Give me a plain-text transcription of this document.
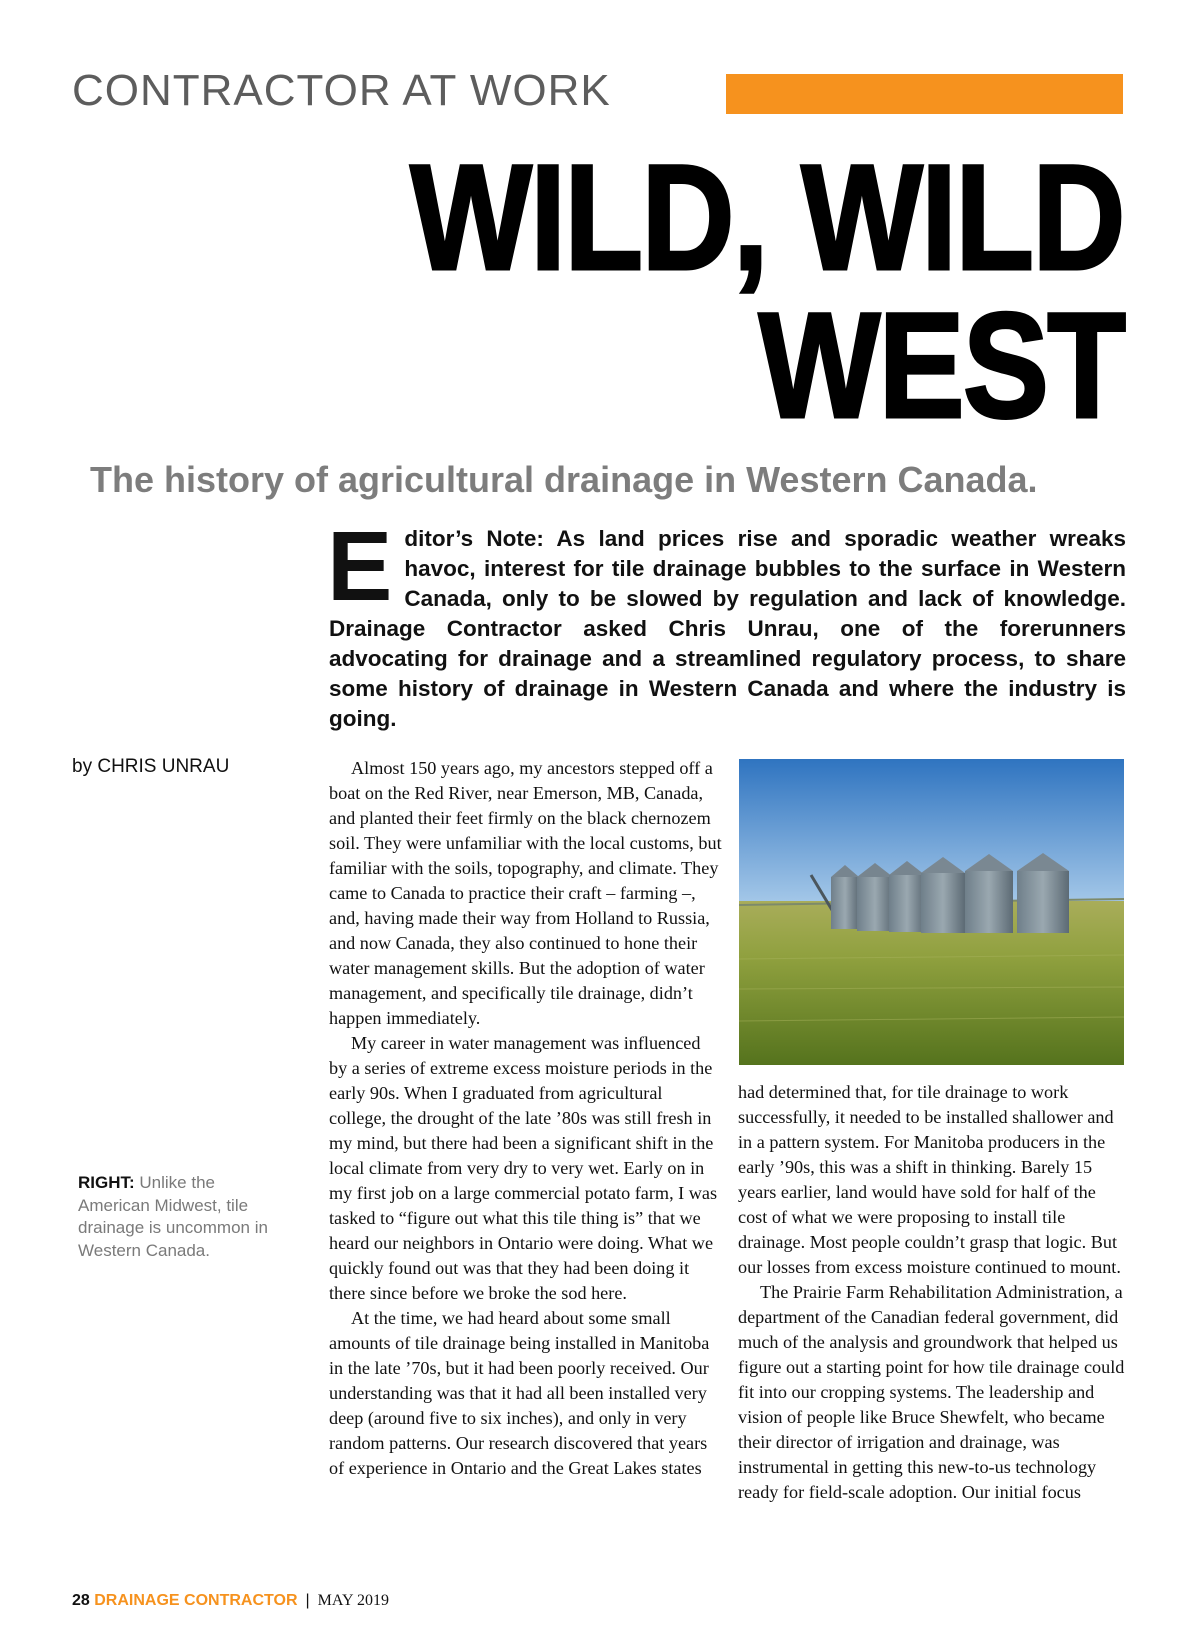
CONTRACTOR AT WORK
WILD, WILD
WEST
The history of agricultural drainage in Western Canada.
Editor’s Note: As land prices rise and sporadic weather wreaks havoc, interest for tile drainage bubbles to the surface in Western Canada, only to be slowed by regulation and lack of knowledge. Drainage Contractor asked Chris Unrau, one of the forerunners advocating for drainage and a streamlined regulatory process, to share some history of drainage in Western Canada and where the industry is going.
by CHRIS UNRAU
RIGHT: Unlike the American Midwest, tile drainage is uncommon in Western Canada.

Almost 150 years ago, my ancestors stepped off a boat on the Red River, near Emerson, MB, Canada, and planted their feet firmly on the black chernozem soil. They were unfamiliar with the local customs, but familiar with the soils, topography, and climate. They came to Canada to practice their craft – farming –, and, having made their way from Holland to Russia, and now Canada, they also continued to hone their water management skills. But the adoption of water management, and specifically tile drainage, didn’t happen immediately.

My career in water management was influenced by a series of extreme excess moisture periods in the early 90s. When I graduated from agricultural college, the drought of the late ’80s was still fresh in my mind, but there had been a significant shift in the local climate from very dry to very wet. Early on in my first job on a large commercial potato farm, I was tasked to “figure out what this tile thing is” that we heard our neighbors in Ontario were doing. What we quickly found out was that they had been doing it there since before we broke the sod here.

At the time, we had heard about some small amounts of tile drainage being installed in Manitoba in the late ’70s, but it had been poorly received. Our understanding was that it had all been installed very deep (around five to six inches), and only in very random patterns. Our research discovered that years of experience in Ontario and the Great Lakes states

had determined that, for tile drainage to work successfully, it needed to be installed shallower and in a pattern system. For Manitoba producers in the early ’90s, this was a shift in thinking. Barely 15 years earlier, land would have sold for half of the cost of what we were proposing to install tile drainage. Most people couldn’t grasp that logic. But our losses from excess moisture continued to mount.

The Prairie Farm Rehabilitation Administration, a department of the Canadian federal government, did much of the analysis and groundwork that helped us figure out a starting point for how tile drainage could fit into our cropping systems. The leadership and vision of people like Bruce Shewfelt, who became their director of irrigation and drainage, was instrumental in getting this new-to-us technology ready for field-scale adoption. Our initial focus

28 DRAINAGE CONTRACTOR | MAY 2019
